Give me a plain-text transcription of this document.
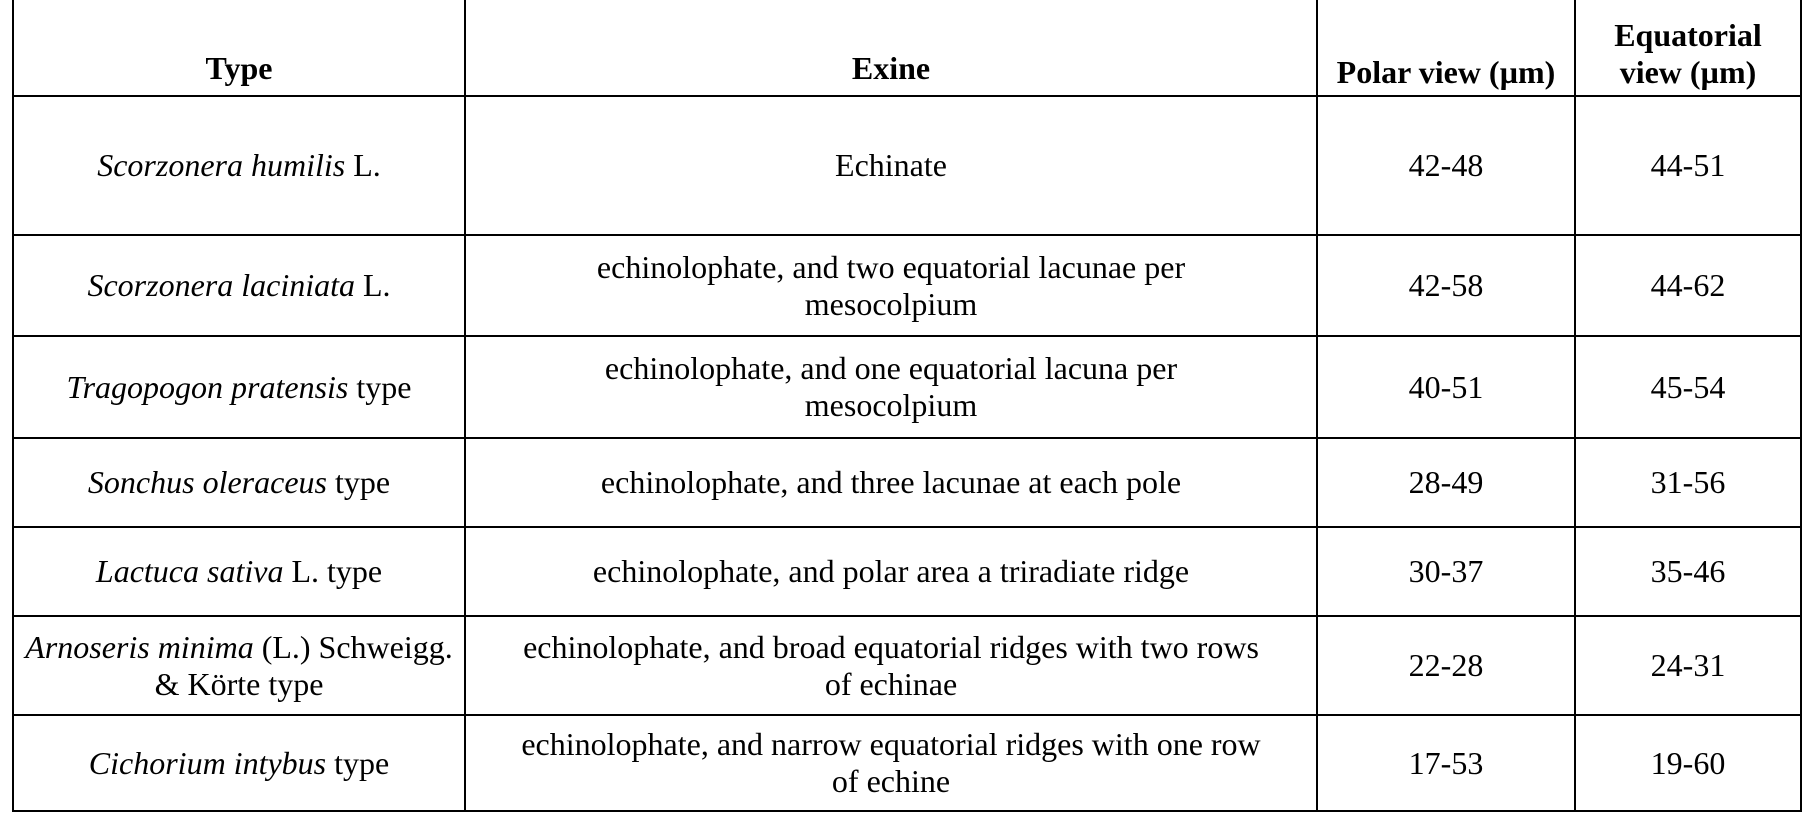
Type	Exine	Polar view (µm)	Equatorial view (µm)
Scorzonera humilis L.	Echinate	42-48	44-51
Scorzonera laciniata L.	echinolophate, and two equatorial lacunae per mesocolpium	42-58	44-62
Tragopogon pratensis type	echinolophate, and one equatorial lacuna per mesocolpium	40-51	45-54
Sonchus oleraceus type	echinolophate, and three lacunae at each pole	28-49	31-56
Lactuca sativa L. type	echinolophate, and polar area a triradiate ridge	30-37	35-46
Arnoseris minima (L.) Schweigg. & Körte type	echinolophate, and broad equatorial ridges with two rows of echinae	22-28	24-31
Cichorium intybus type	echinolophate, and narrow equatorial ridges with one row of echine	17-53	19-60
